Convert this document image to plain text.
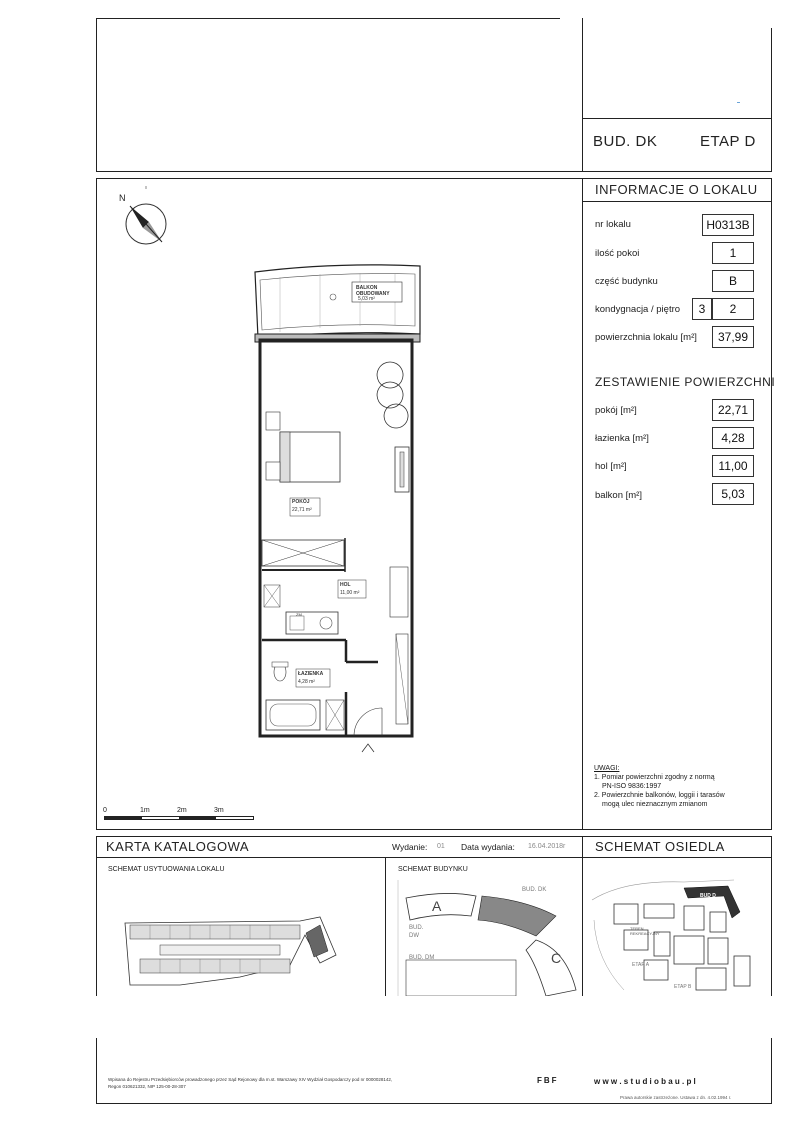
BUD. DK	ETAP D
INFORMACJE O LOKALU
nr lokalu	H0313B
ilość pokoi	1
część budynku	B
kondygnacja / piętro	3	2
powierzchnia lokalu [m²]	37,99
ZESTAWIENIE POWIERZCHNI
pokój [m²]	22,71
łazienka [m²]	4,28
hol [m²]	11,00
balkon [m²]	5,03
UWAGI:
1. Pomiar powierzchni zgodny z normą
PN-ISO 9836:1997
2. Powierzchnie balkonów, loggii i tarasów
mogą ulec nieznacznym zmianom
N
BALKON
OBUDOWANY
5,03 m²
POKÓJ
22,71 m²
HOL
11,00 m²
ŁAZIENKA
4,28 m²
ZM
0	1m	2m	3m
KARTA KATALOGOWA	Wydanie: 01 Data wydania: 16.04.2018r SCHEMAT OSIEDLA
SCHEMAT USYTUOWANIA LOKALU	SCHEMAT BUDYNKU
A
C
BUD. DK
BUD.
DW
BUD. DM
TEREN REKREACYJNY
BUD D
ETAP A
ETAP B
Wpisana do Rejestru Przedsiębiorców prowadzonego przez Sąd Rejonowy dla m.st. Warszawy XIV Wydział Gospodarczy pod nr 0000028142,
Regon 010621332, NIP 125-00-28-307
FBF	w w w . s t u d i o b a u . p l
Prawa autorskie zastrzeżone. Ustawa z dn. 4.02.1994 r.
